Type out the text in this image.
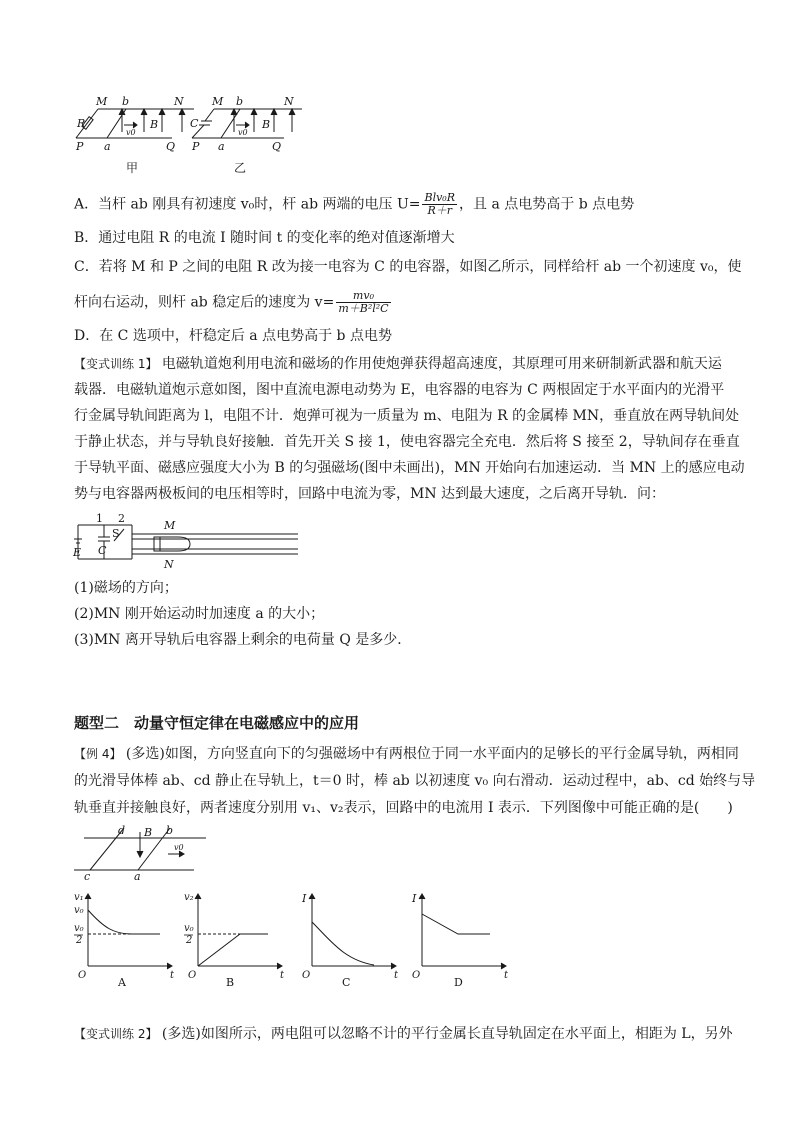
M b	N
R	B
v0
P a	Q
甲
M b	N
C	B
v0
P a	Q
乙
A．当杆 ab 刚具有初速度 v₀时，杆 ab 两端的电压 $U= \frac{\text{Blv₀R}}{R+r}$ ，且 a 点电势高于 b 点电势
B．通过电阻 R 的电流 I 随时间 t 的变化率的绝对值逐渐增大
C．若将 M 和 P 之间的电阻 R 改为接一电容为 C 的电容器，如图乙所示，同样给杆 ab 一个初速度 v₀，使
杆向右运动，则杆 ab 稳定后的速度为 $v= \frac{\text{mv₀}}{\text{m＋B²l²C}}$
D．在 C 选项中，杆稳定后 a 点电势高于 b 点电势
【变式训练 1】 电磁轨道炮利用电流和磁场的作用使炮弹获得超高速度，其原理可用来研制新武器和航天运
载器．电磁轨道炮示意如图，图中直流电源电动势为 E，电容器的电容为 C 两根固定于水平面内的光滑平
行金属导轨间距离为 l，电阻不计．炮弹可视为一质量为 m、电阻为 R 的金属棒 MN，垂直放在两导轨间处
于静止状态，并与导轨良好接触．首先开关 S 接 1，使电容器完全充电．然后将 S 接至 2，导轨间存在垂直
于导轨平面、磁感应强度大小为 B 的匀强磁场(图中未画出)，MN 开始向右加速运动．当 MN 上的感应电动
势与电容器两极板间的电压相等时，回路中电流为零，MN 达到最大速度，之后离开导轨．问：
1 2
S
E C
M
N
(1)磁场的方向；
(2)MN 刚开始运动时加速度 a 的大小；
(3)MN 离开导轨后电容器上剩余的电荷量 Q 是多少．
题型二　 动量守恒定律在电磁感应中的应用
【例 4】 (多选)如图，方向竖直向下的匀强磁场中有两根位于同一水平面内的足够长的平行金属导轨，两相同
的光滑导体棒 ab、cd 静止在导轨上，t＝0 时，棒 ab 以初速度 v₀ 向右滑动．运动过程中，ab、cd 始终与导
轨垂直并接触良好，两者速度分别用 v₁、v₂表示，回路中的电流用 I 表示．下列图像中可能正确的是(　　)
d B b
v0
c	a
v₁
v₀
v₀
2
O	t
A
v₂
v₀
2
O	t
B
I
O	t
C
I
O	t
D
【变式训练 2】 (多选)如图所示，两电阻可以忽略不计的平行金属长直导轨固定在水平面上，相距为 L，另外
